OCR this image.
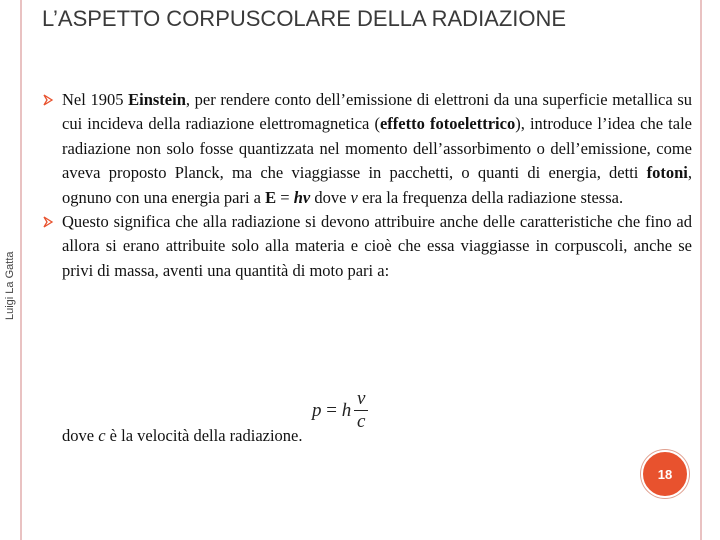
L’ASPETTO CORPUSCOLARE DELLA RADIAZIONE
Luigi La Gatta
Nel 1905 Einstein, per rendere conto dell’emissione di elettroni da una superficie metallica su cui incideva della radiazione elettromagnetica (effetto fotoelettrico), introduce l’idea che tale radiazione non solo fosse quantizzata nel momento dell’assorbimento o dell’emissione, come aveva proposto Planck, ma che viaggiasse in pacchetti, o quanti di energia, detti fotoni, ognuno con una energia pari a E = hν dove ν era la frequenza della radiazione stessa.
Questo significa che alla radiazione si devono attribuire anche delle caratteristiche che fino ad allora si erano attribuite solo alla materia e cioè che essa viaggiasse in corpuscoli, anche se privi di massa, aventi una quantità di moto pari a:
p = h $\frac{\nu}{c}$
dove c è la velocità della radiazione.
18
